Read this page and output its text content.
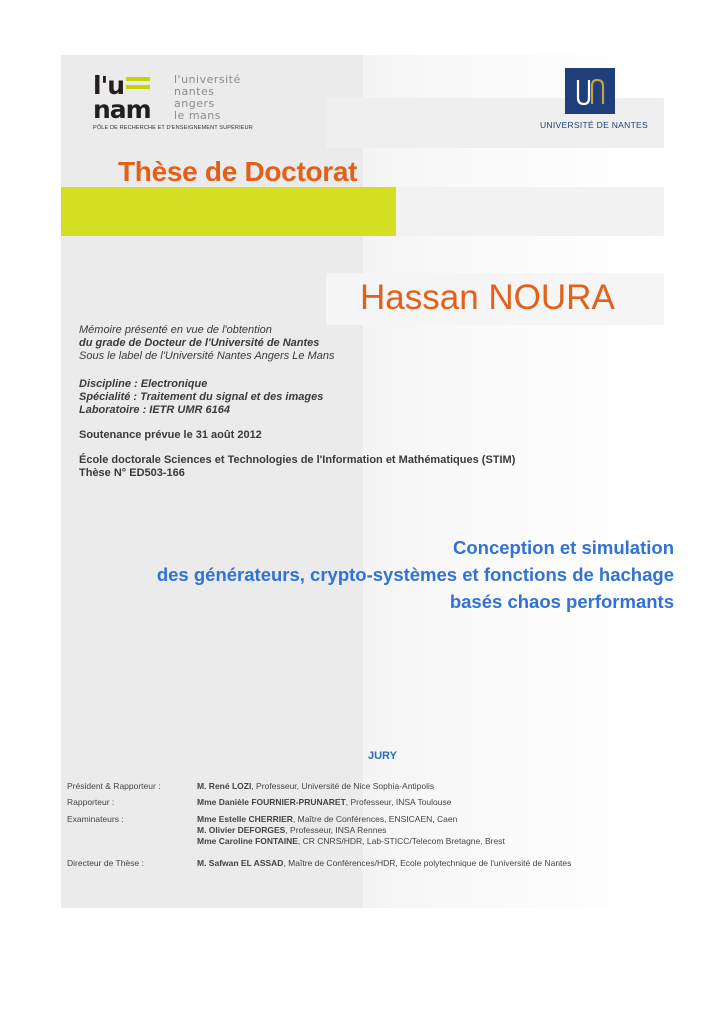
l'u
nam
l'université
nantes
angers
le mans
PÔLE DE RECHERCHE ET D'ENSEIGNEMENT SUPÉRIEUR	UNIVERSITÉ DE NANTES
Thèse de Doctorat
Hassan NOURA
Mémoire présenté en vue de l'obtention
du grade de Docteur de l'Université de Nantes
Sous le label de l'Université Nantes Angers Le Mans
Discipline : Electronique
Spécialité : Traitement du signal et des images
Laboratoire : IETR UMR 6164
Soutenance prévue le 31 août 2012
École doctorale Sciences et Technologies de l'Information et Mathématiques (STIM)
Thèse N° ED503-166
Conception et simulation
des générateurs, crypto-systèmes et fonctions de hachage
basés chaos performants
JURY
Président & Rapporteur :	M. René LOZI, Professeur, Université de Nice Sophia-Antipolis
Rapporteur :	Mme Danièle FOURNIER-PRUNARET, Professeur, INSA Toulouse
Examinateurs :	Mme Estelle CHERRIER, Maître de Conférences, ENSICAEN, Caen
M. Olivier DEFORGES, Professeur, INSA Rennes
Mme Caroline FONTAINE, CR CNRS/HDR, Lab-STICC/Telecom Bretagne, Brest
Directeur de Thèse :	M. Safwan EL ASSAD, Maître de Conférences/HDR, Ecole polytechnique de l'université de Nantes
